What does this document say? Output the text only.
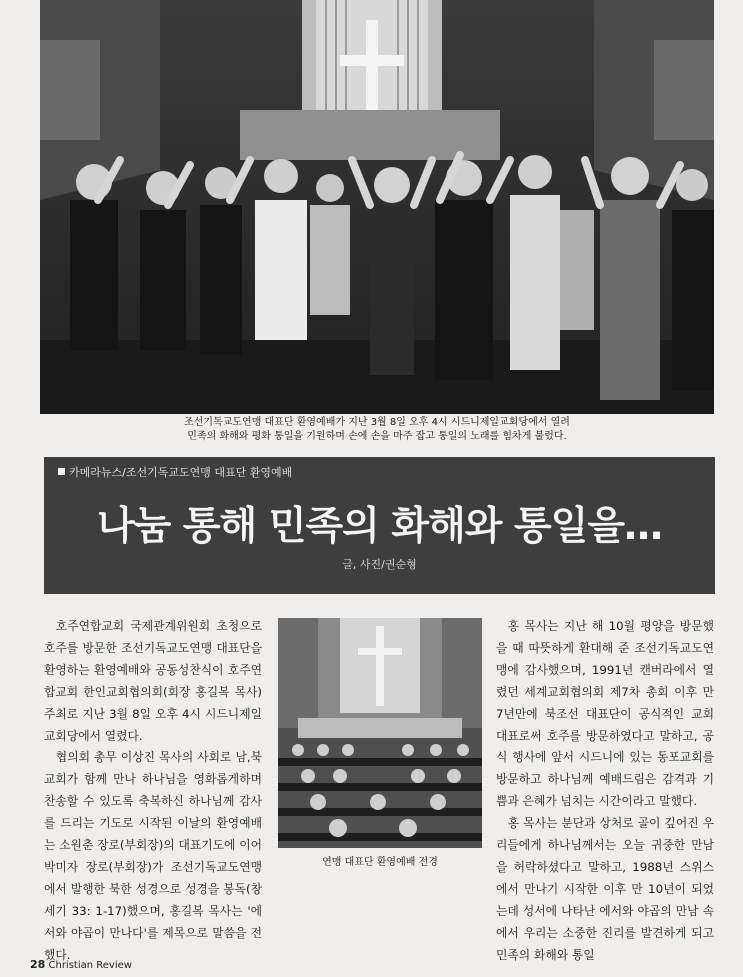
조선기독교도연맹 대표단 환영예배가 지난 3월 8일 오후 4시 시드니제일교회당에서 열려
민족의 화해와 평화 통일을 기원하며 손에 손을 마주 잡고 통일의 노래를 힘차게 불렀다.
카메라뉴스/조선기독교도연맹 대표단 환영예배
나눔 통해 민족의 화해와 통일을…
글, 사진/권순형

호주연합교회 국제관계위원회 초청으로 호주를 방문한 조선기독교도연맹 대표단을 환영하는 환영예배와 공동성찬식이 호주연합교회 한인교회협의회(회장 홍길복 목사) 주최로 지난 3월 8일 오후 4시 시드니제일교회당에서 열렸다.

협의회 총무 이상진 목사의 사회로 남,북교회가 함께 만나 하나님을 영화롭게하며 찬송할 수 있도록 축복하신 하나님께 감사를 드리는 기도로 시작된 이날의 환영예배는 소원춘 장로(부회장)의 대표기도에 이어 박미자 장로(부회장)가 조선기독교도연맹에서 발행한 북한 성경으로 성경을 봉독(창세기 33: 1-17)했으며, 홍길복 목사는 '에서와 야곱이 만나다'를 제목으로 말씀을 전했다.

연맹 대표단 환영예배 전경

홍 목사는 지난 해 10월 평양을 방문했을 때 따뜻하게 환대해 준 조선기독교도연맹에 감사했으며, 1991년 캔버라에서 열렸던 세계교회협의회 제7차 총회 이후 만 7년만에 북조선 대표단이 공식적인 교회 대표로써 호주를 방문하였다고 말하고, 공식 행사에 앞서 시드니에 있는 동포교회를 방문하고 하나님께 예배드림은 감격과 기쁨과 은혜가 넘치는 시간이라고 말했다.

홍 목사는 분단과 상처로 골이 깊어진 우리들에게 하나님께서는 오늘 귀중한 만남을 허락하셨다고 말하고, 1988년 스위스에서 만나기 시작한 이후 만 10년이 되었는데 성서에 나타난 에서와 야곱의 만남 속에서 우리는 소중한 진리를 발견하게 되고 민족의 화해와 통일

28 Christian Review
